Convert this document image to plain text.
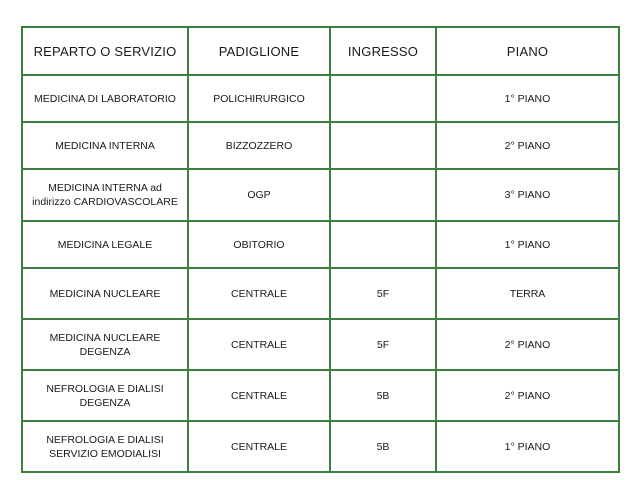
REPARTO O SERVIZIO	PADIGLIONE	INGRESSO	PIANO

MEDICINA DI LABORATORIO	POLICHIRURGICO		1° PIANO

MEDICINA INTERNA	BIZZOZZERO		2° PIANO

MEDICINA INTERNA ad
indirizzo CARDIOVASCOLARE	OGP		3° PIANO

MEDICINA LEGALE	OBITORIO		1° PIANO

MEDICINA NUCLEARE	CENTRALE	5F	TERRA

MEDICINA NUCLEARE
DEGENZA	CENTRALE	5F	2° PIANO

NEFROLOGIA E DIALISI
DEGENZA	CENTRALE	5B	2° PIANO

NEFROLOGIA E DIALISI
SERVIZIO EMODIALISI	CENTRALE	5B	1° PIANO
